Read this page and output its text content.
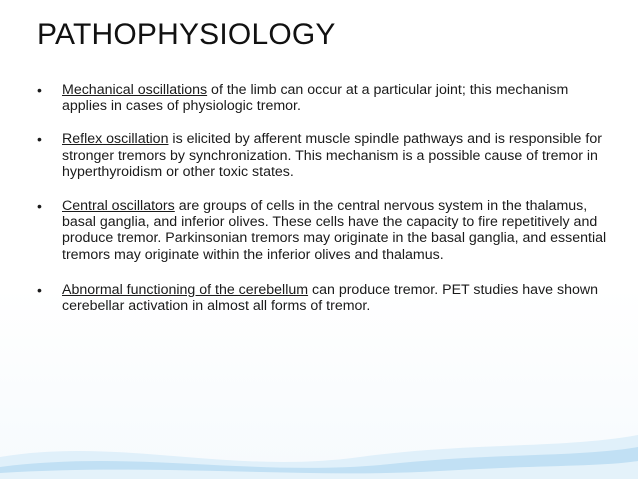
PATHOPHYSIOLOGY
•	Mechanical oscillations of the limb can occur at a particular joint; this mechanism applies in cases of physiologic tremor.
•	Reflex oscillation is elicited by afferent muscle spindle pathways and is responsible for stronger tremors by synchronization. This mechanism is a possible cause of tremor in hyperthyroidism or other toxic states.
•	Central oscillators are groups of cells in the central nervous system in the thalamus, basal ganglia, and inferior olives. These cells have the capacity to fire repetitively and produce tremor. Parkinsonian tremors may originate in the basal ganglia, and essential tremors may originate within the inferior olives and thalamus.
•	Abnormal functioning of the cerebellum can produce tremor. PET studies have shown cerebellar activation in almost all forms of tremor.
